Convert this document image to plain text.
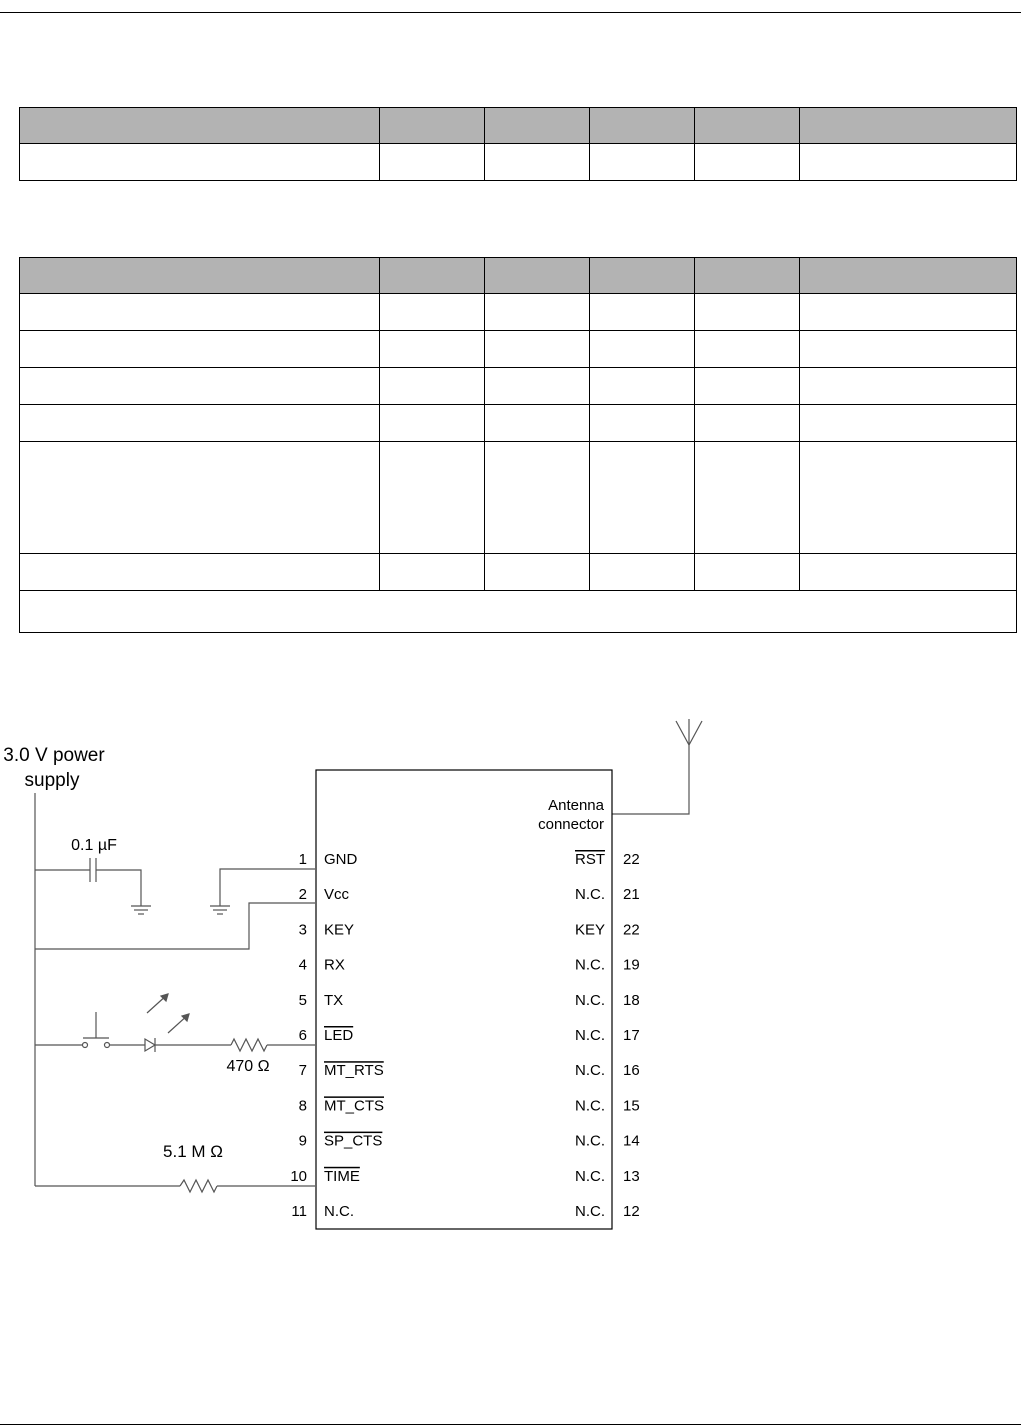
3.0 V power
supply
0.1 µF
470 Ω
5.1 M Ω
Antenna
connector
1 GND
2 Vcc
3 KEY
4 RX
5 TX
6 LED
7 MT_RTS
8 MT_CTS
9 SP_CTS
10 TIME
11 N.C.
RST 22
N.C. 21
KEY 22
N.C. 19
N.C. 18
N.C. 17
N.C. 16
N.C. 15
N.C. 14
N.C. 13
N.C. 12
